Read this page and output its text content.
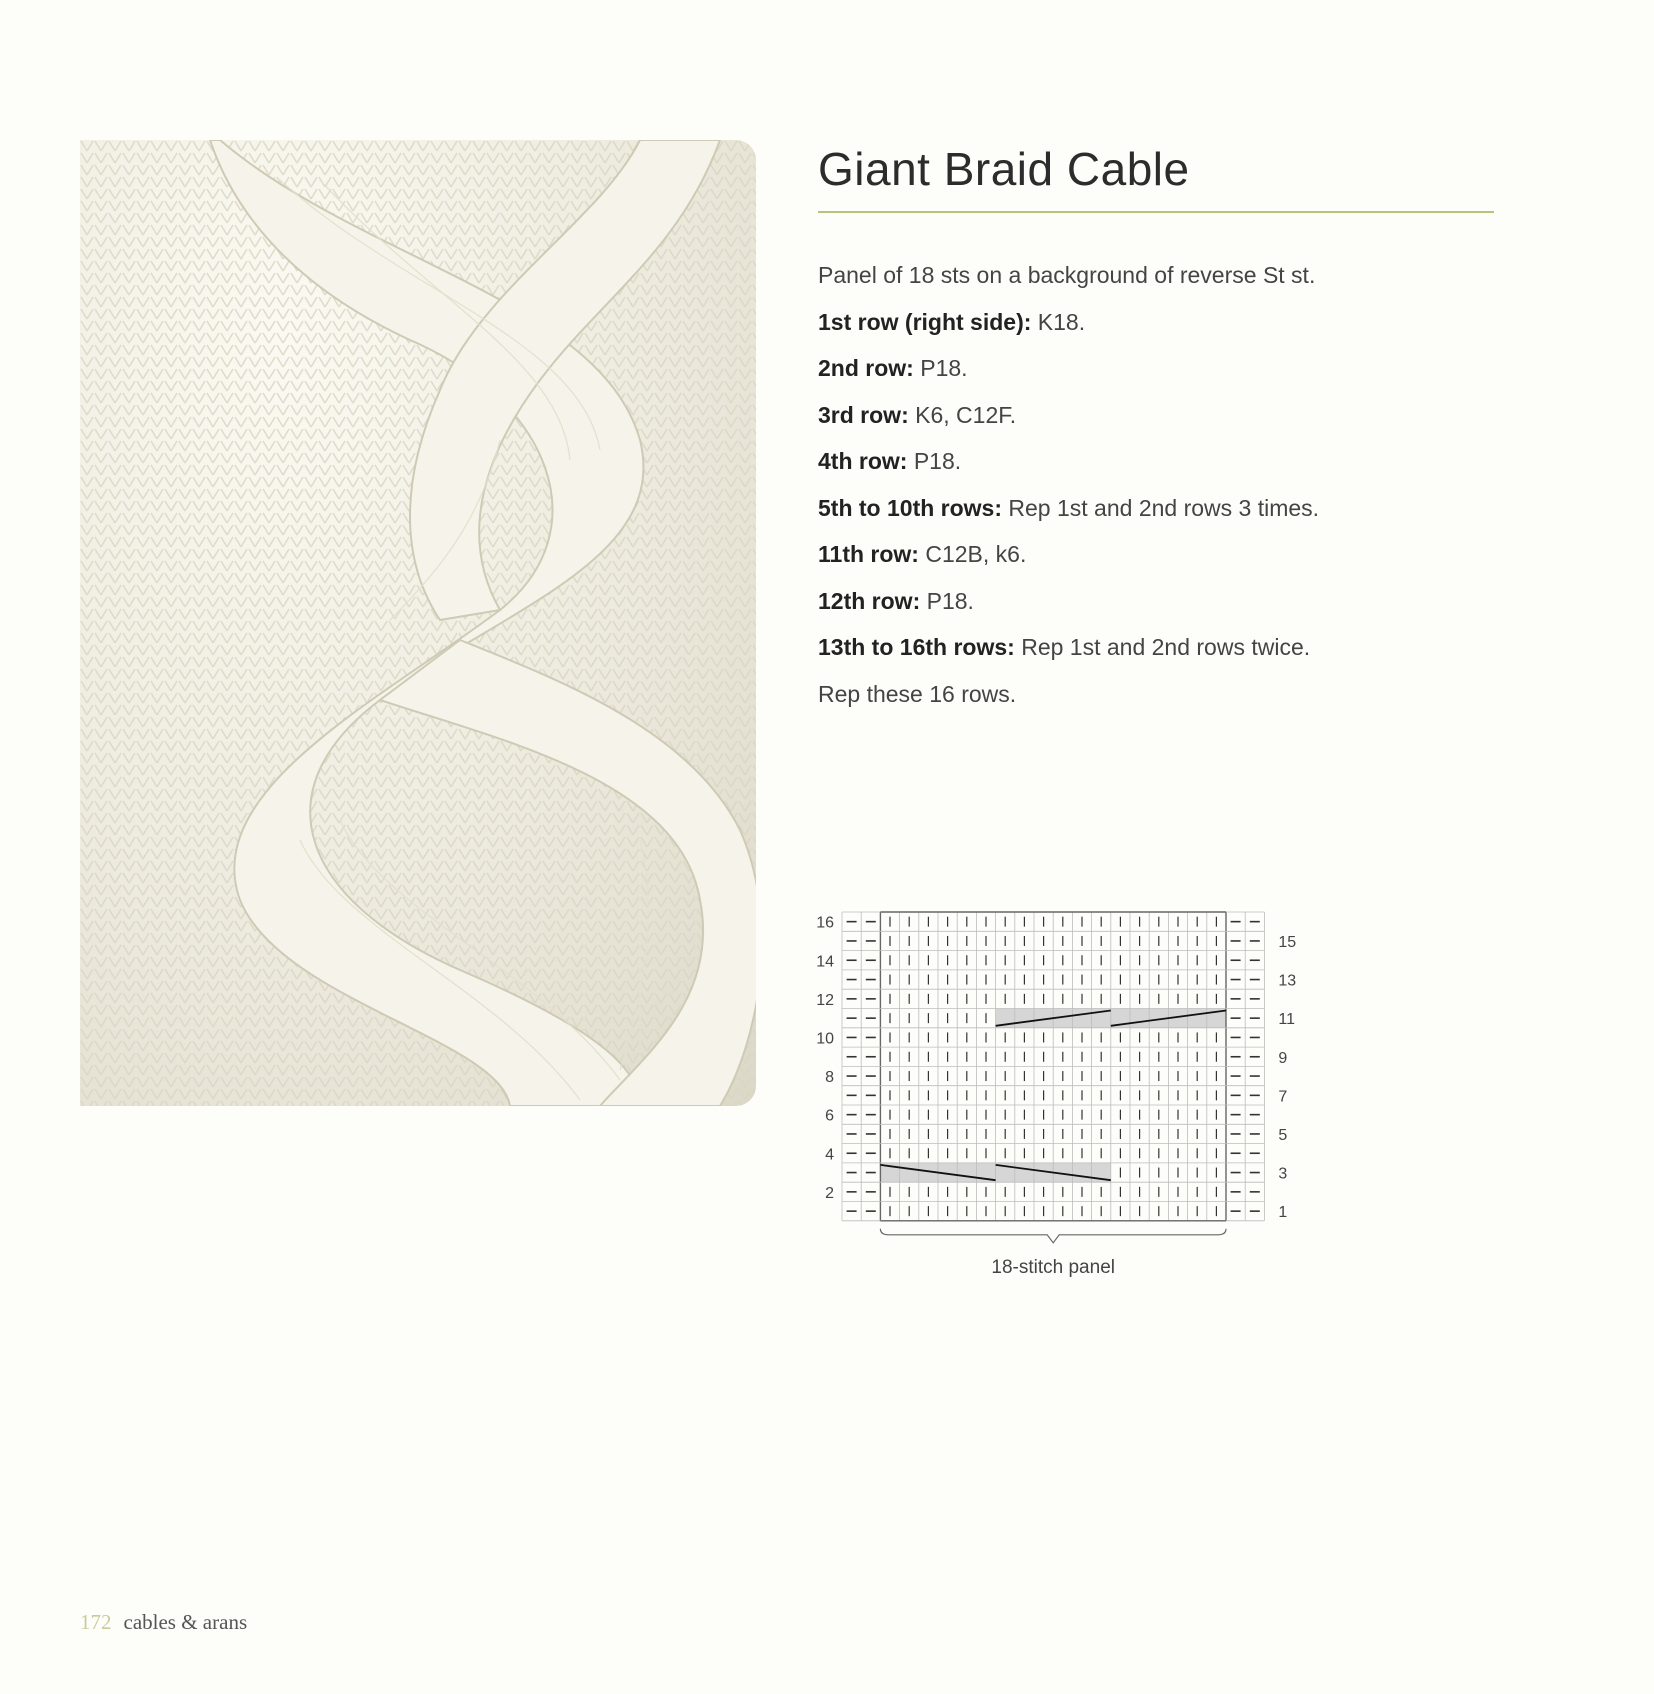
Giant Braid Cable

Panel of 18 sts on a background of reverse St st.

1st row (right side): K18.

2nd row: P18.

3rd row: K6, C12F.

4th row: P18.

5th to 10th rows: Rep 1st and 2nd rows 3 times.

11th row: C12B, k6.

12th row: P18.

13th to 16th rows: Rep 1st and 2nd rows twice.

Rep these 16 rows.

2
4
6
8
10
12
14
16
1
3
5
7
9
11
13
15
18-stitch panel
172 cables & arans
